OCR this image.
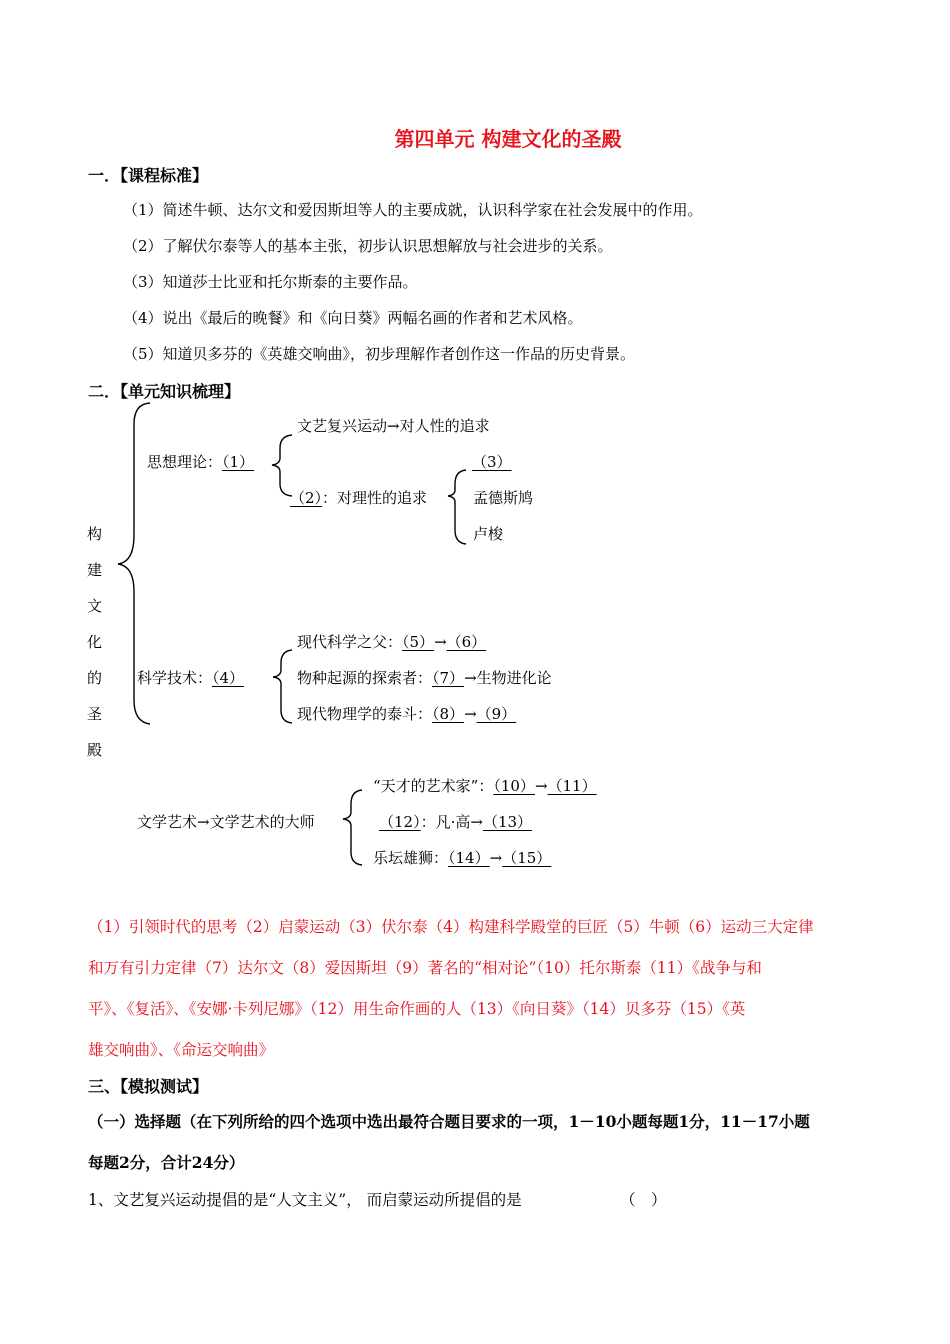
第四单元 构建文化的圣殿
一．【课程标准】
（1）简述牛顿、达尔文和爱因斯坦等人的主要成就，认识科学家在社会发展中的作用。
（2）了解伏尔泰等人的基本主张，初步认识思想解放与社会进步的关系。
（3）知道莎士比亚和托尔斯泰的主要作品。
（4）说出《最后的晚餐》和《向日葵》两幅名画的作者和艺术风格。
（5）知道贝多芬的《英雄交响曲》，初步理解作者创作这一作品的历史背景。
二．【单元知识梳理】
构
建
文
化
的
圣
殿
文艺复兴运动→对人性的追求
思想理论：（1）	（3）
（2）：对理性的追求	孟德斯鸠
卢梭
现代科学之父：（5）→（6）
科学技术：（4）	物种起源的探索者：（7）→生物进化论
现代物理学的泰斗：（8）→（9）
“天才的艺术家”：（10）→（11）
文学艺术→文学艺术的大师	（12）：凡·高→（13）
乐坛雄狮：（14）→（15）
（1）引领时代的思考（2）启蒙运动（3）伏尔泰（4）构建科学殿堂的巨匠（5）牛顿（6）运动三大定律
和万有引力定律（7）达尔文（8）爱因斯坦（9）著名的“相对论”（10）托尔斯泰（11）《战争与和
平》、《复活》、《安娜·卡列尼娜》（12）用生命作画的人（13）《向日葵》（14）贝多芬（15）《英
雄交响曲》、《命运交响曲》
三、【模拟测试】
（一）选择题（在下列所给的四个选项中选出最符合题目要求的一项，1－10小题每题1分，11－17小题
每题2分，合计24分）
1、文艺复兴运动提倡的是“人文主义”， 而启蒙运动所提倡的是	（　）
